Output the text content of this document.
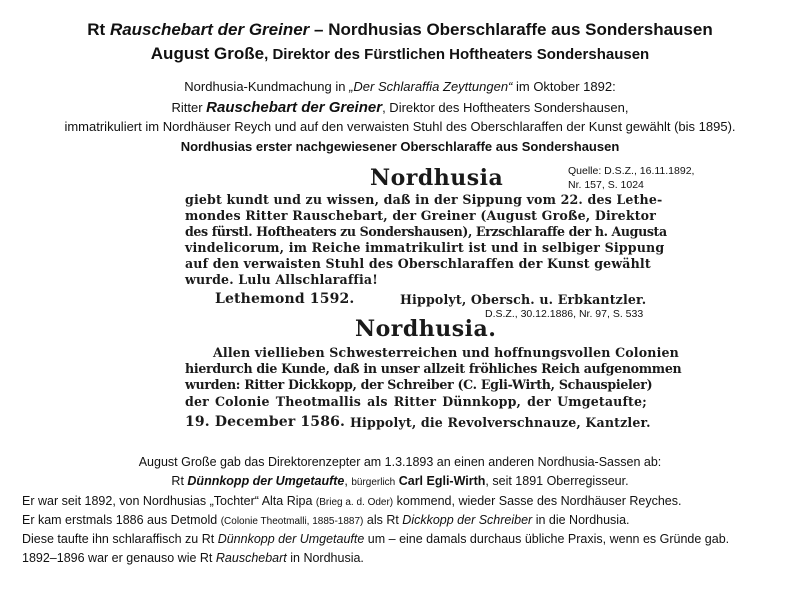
Rt Rauschebart der Greiner – Nordhusias Oberschlaraffe aus Sondershausen
August Große, Direktor des Fürstlichen Hoftheaters Sondershausen
Nordhusia-Kundmachung in „Der Schlaraffia Zeyttungen“ im Oktober 1892:
Ritter Rauschebart der Greiner, Direktor des Hoftheaters Sondershausen,
immatrikuliert im Nordhäuser Reych und auf den verwaisten Stuhl des Oberschlaraffen der Kunst gewählt (bis 1895).
Nordhusias erster nachgewiesener Oberschlaraffe aus Sondershausen
Nordhusia	Quelle: D.S.Z., 16.11.1892,
Nr. 157, S. 1024
giebt kundt und zu wissen, daß in der Sippung vom 22. des Lethe-
mondes Ritter Rauschebart, der Greiner (August Große, Direktor
des fürstl. Hoftheaters zu Sondershausen), Erzschlaraffe der h. Augusta
vindelicorum, im Reiche immatrikulirt ist und in selbiger Sippung
auf den verwaisten Stuhl des Oberschlaraffen der Kunst gewählt
wurde. Lulu Allschlaraffia!
Lethemond 1592.	Hippolyt, Obersch. u. Erbkantzler.
D.S.Z., 30.12.1886, Nr. 97, S. 533
Nordhusia.
Allen viellieben Schwesterreichen und hoffnungsvollen Colonien
hierdurch die Kunde, daß in unser allzeit fröhliches Reich aufgenommen
wurden: Ritter Dickkopp, der Schreiber (C. Egli-Wirth, Schauspieler)
der Colonie Theotmallis als Ritter Dünnkopp, der Umgetaufte;
19. December 1586. Hippolyt, die Revolverschnauze, Kantzler.
August Große gab das Direktorenzepter am 1.3.1893 an einen anderen Nordhusia-Sassen ab:
Rt Dünnkopp der Umgetaufte, bürgerlich Carl Egli-Wirth, seit 1891 Oberregisseur.
Er war seit 1892, von Nordhusias „Tochter“ Alta Ripa (Brieg a. d. Oder) kommend, wieder Sasse des Nordhäuser Reyches.
Er kam erstmals 1886 aus Detmold (Colonie Theotmalli, 1885-1887) als Rt Dickkopp der Schreiber in die Nordhusia.
Diese taufte ihn schlaraffisch zu Rt Dünnkopp der Umgetaufte um – eine damals durchaus übliche Praxis, wenn es Gründe gab.
1892–1896 war er genauso wie Rt Rauschebart in Nordhusia.
